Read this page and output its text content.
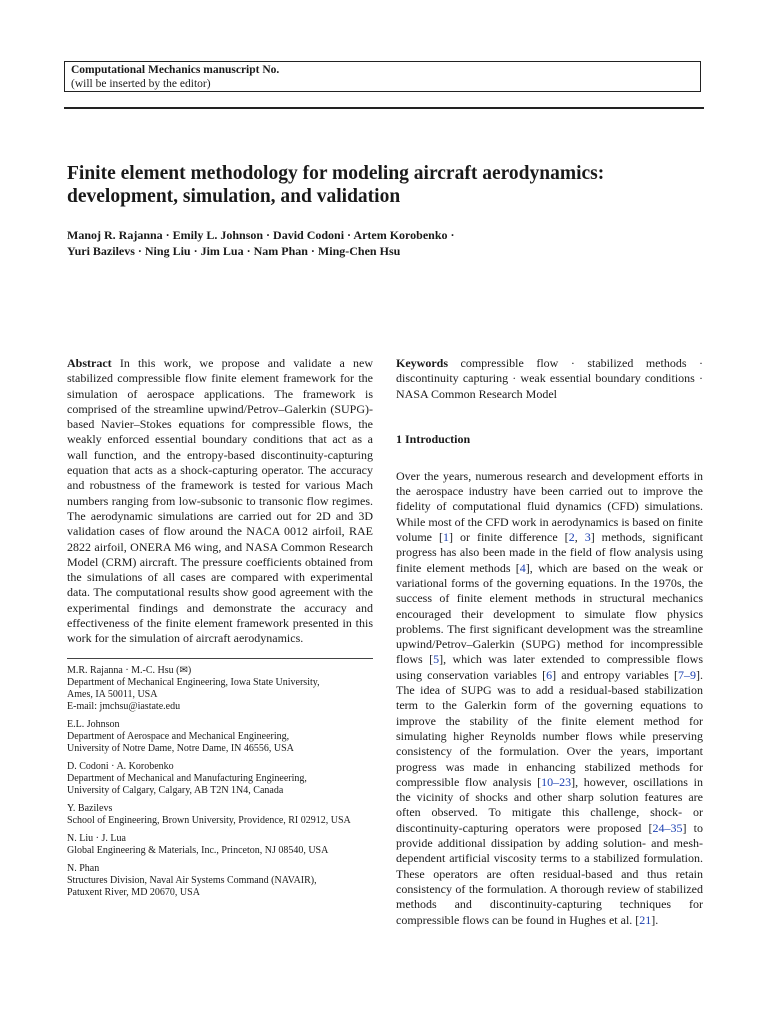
Computational Mechanics manuscript No.
(will be inserted by the editor)
Finite element methodology for modeling aircraft aerodynamics: development, simulation, and validation
Manoj R. Rajanna · Emily L. Johnson · David Codoni · Artem Korobenko ·
Yuri Bazilevs · Ning Liu · Jim Lua · Nam Phan · Ming-Chen Hsu

Abstract In this work, we propose and validate a new stabilized compressible flow finite element framework for the simulation of aerospace applications. The framework is comprised of the streamline upwind/Petrov–Galerkin (SUPG)-based Navier–Stokes equations for compressible flows, the weakly enforced essential boundary conditions that act as a wall function, and the entropy-based discontinuity-capturing equation that acts as a shock-capturing operator. The accuracy and robustness of the framework is tested for various Mach numbers ranging from low-subsonic to transonic flow regimes. The aerodynamic simulations are carried out for 2D and 3D validation cases of flow around the NACA 0012 airfoil, RAE 2822 airfoil, ONERA M6 wing, and NASA Common Research Model (CRM) aircraft. The pressure coefficients obtained from the simulations of all cases are compared with experimental data. The computational results show good agreement with the experimental findings and demonstrate the accuracy and effectiveness of the finite element framework presented in this work for the simulation of aircraft aerodynamics.

M.R. Rajanna · M.-C. Hsu (✉)
Department of Mechanical Engineering, Iowa State University,
Ames, IA 50011, USA
E-mail: jmchsu@iastate.edu
E.L. Johnson
Department of Aerospace and Mechanical Engineering,
University of Notre Dame, Notre Dame, IN 46556, USA
D. Codoni · A. Korobenko
Department of Mechanical and Manufacturing Engineering,
University of Calgary, Calgary, AB T2N 1N4, Canada
Y. Bazilevs
School of Engineering, Brown University, Providence, RI 02912, USA
N. Liu · J. Lua
Global Engineering & Materials, Inc., Princeton, NJ 08540, USA
N. Phan
Structures Division, Naval Air Systems Command (NAVAIR),
Patuxent River, MD 20670, USA

Keywords compressible flow · stabilized methods · discontinuity capturing · weak essential boundary conditions · NASA Common Research Model

1 Introduction

Over the years, numerous research and development efforts in the aerospace industry have been carried out to improve the fidelity of computational fluid dynamics (CFD) simulations. While most of the CFD work in aerodynamics is based on finite volume [1] or finite difference [2, 3] methods, significant progress has also been made in the field of flow analysis using finite element methods [4], which are based on the weak or variational forms of the governing equations. In the 1970s, the success of finite element methods in structural mechanics encouraged their development to simulate flow physics problems. The first significant development was the streamline upwind/Petrov–Galerkin (SUPG) method for incompressible flows [5], which was later extended to compressible flows using conservation variables [6] and entropy variables [7–9]. The idea of SUPG was to add a residual-based stabilization term to the Galerkin form of the governing equations to improve the stability of the finite element method for simulating higher Reynolds number flows while preserving consistency of the formulation. Over the years, important progress was made in enhancing stabilized methods for compressible flow analysis [10–23], however, oscillations in the vicinity of shocks and other sharp solution features are often observed. To mitigate this challenge, shock- or discontinuity-capturing operators were proposed [24–35] to provide additional dissipation by adding solution- and mesh-dependent artificial viscosity terms to a stabilized formulation. These operators are often residual-based and thus retain consistency of the formulation. A thorough review of stabilized methods and discontinuity-capturing techniques for compressible flows can be found in Hughes et al. [21].
